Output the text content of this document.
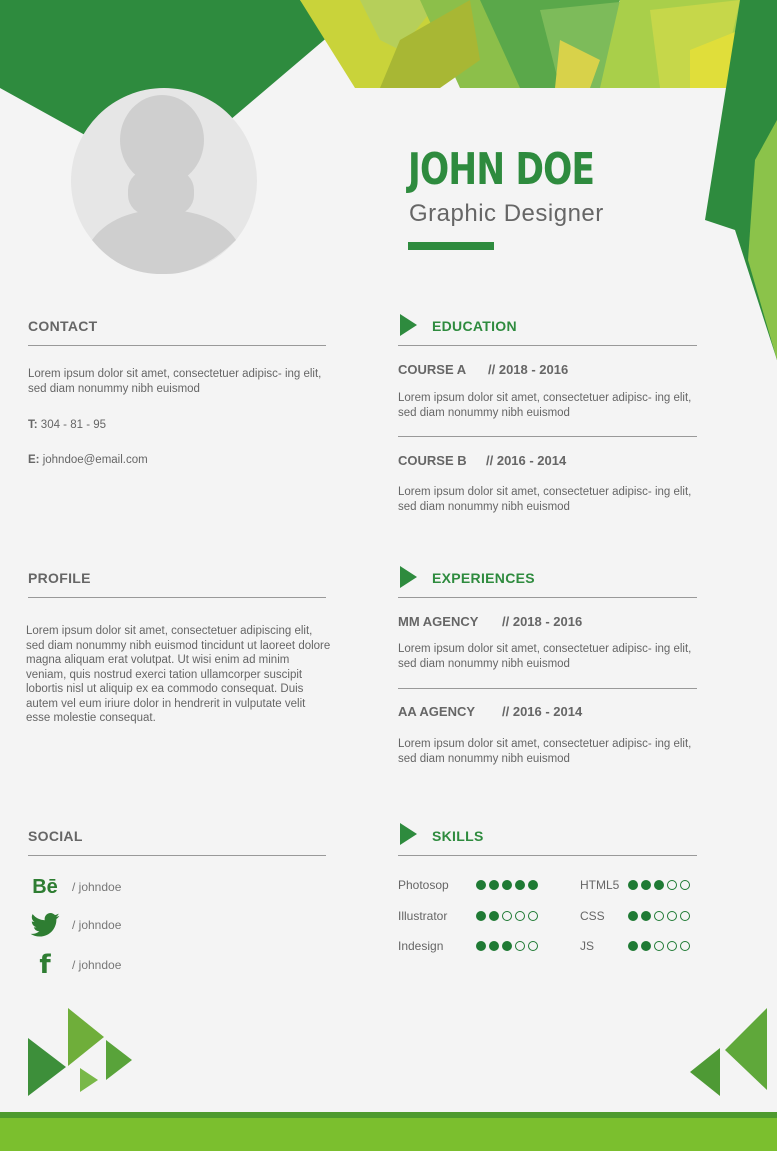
JOHN DOE
Graphic Designer
CONTACT
Lorem ipsum dolor sit amet, consectetuer adipisc- ing elit, sed diam nonummy nibh euismod
T: 304 - 81 - 95
E: johndoe@email.com
EDUCATION
COURSE A // 2018 - 2016
Lorem ipsum dolor sit amet, consectetuer adipisc- ing elit, sed diam nonummy nibh euismod
COURSE B // 2016 - 2014
Lorem ipsum dolor sit amet, consectetuer adipisc- ing elit, sed diam nonummy nibh euismod
PROFILE
Lorem ipsum dolor sit amet, consectetuer adipiscing elit, sed diam nonummy nibh euismod tincidunt ut laoreet dolore magna aliquam erat volutpat. Ut wisi enim ad minim veniam, quis nostrud exerci tation ullamcorper suscipit lobortis nisl ut aliquip ex ea commodo consequat. Duis autem vel eum iriure dolor in hendrerit in vulputate velit esse molestie consequat.
EXPERIENCES
MM AGENCY // 2018 - 2016
Lorem ipsum dolor sit amet, consectetuer adipisc- ing elit, sed diam nonummy nibh euismod
AA AGENCY // 2016 - 2014
Lorem ipsum dolor sit amet, consectetuer adipisc- ing elit, sed diam nonummy nibh euismod
SOCIAL
Bē	/ johndoe
/ johndoe
f	/ johndoe
SKILLS
Photosop	HTML5
Illustrator	CSS
Indesign	JS
